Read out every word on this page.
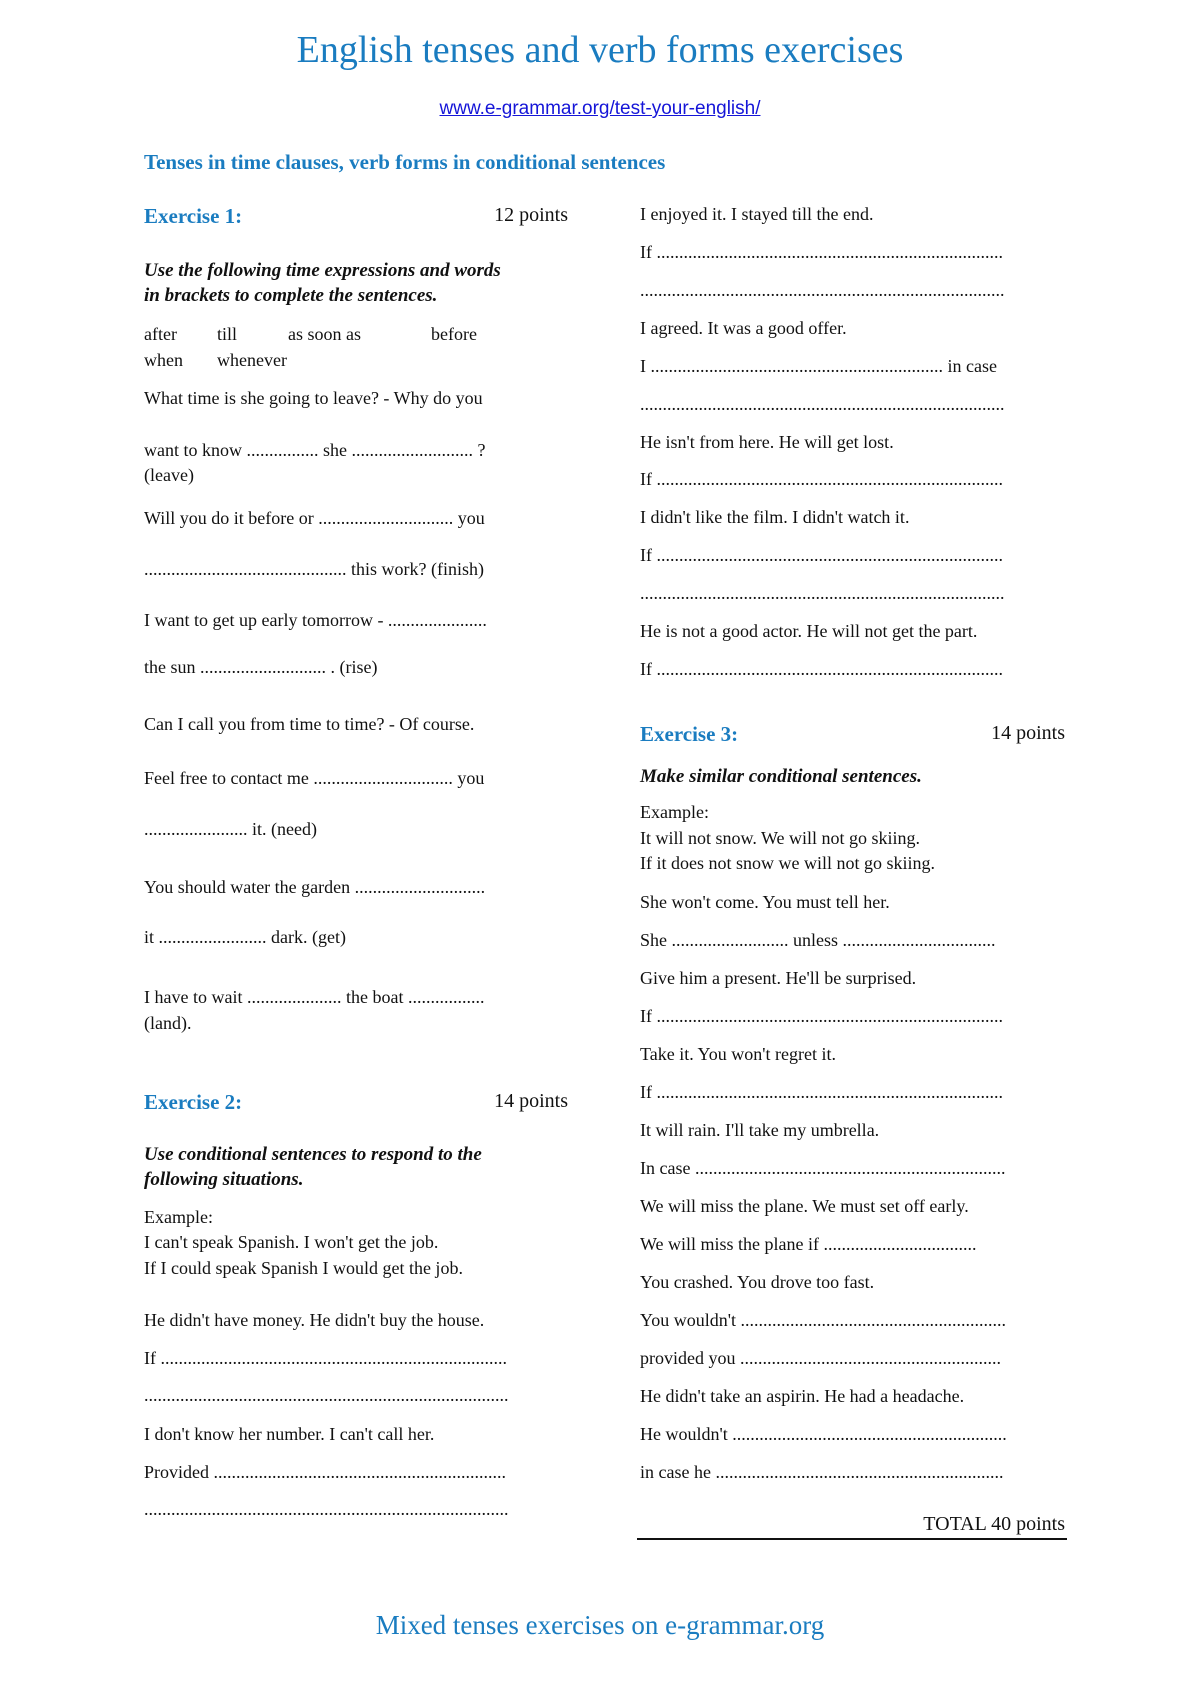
English tenses and verb forms exercises
www.e-grammar.org/test-your-english/
Tenses in time clauses, verb forms in conditional sentences
Exercise 1:	12 points
Use the following time expressions and words
in brackets to complete the sentences.
after till	as soon as	before
when whenever
What time is she going to leave? - Why do you
want to know ................ she ........................... ?
(leave)
Will you do it before or .............................. you
............................................. this work? (finish)
I want to get up early tomorrow - ......................
the sun ............................ . (rise)
Can I call you from time to time? - Of course.
Feel free to contact me ............................... you
....................... it. (need)
You should water the garden .............................
it ........................ dark. (get)
I have to wait ..................... the boat .................
(land).
Exercise 2:	14 points
Use conditional sentences to respond to the
following situations.
Example:
I can't speak Spanish. I won't get the job.
If I could speak Spanish I would get the job.
He didn't have money. He didn't buy the house.
If .............................................................................
.................................................................................
I don't know her number. I can't call her.
Provided .................................................................
.................................................................................
I enjoyed it. I stayed till the end.
If .............................................................................
.................................................................................
I agreed. It was a good offer.
I ................................................................. in case
.................................................................................
He isn't from here. He will get lost.
If .............................................................................
I didn't like the film. I didn't watch it.
If .............................................................................
.................................................................................
He is not a good actor. He will not get the part.
If .............................................................................
Exercise 3:	14 points
Make similar conditional sentences.
Example:
It will not snow. We will not go skiing.
If it does not snow we will not go skiing.
She won't come. You must tell her.
She .......................... unless ..................................
Give him a present. He'll be surprised.
If .............................................................................
Take it. You won't regret it.
If .............................................................................
It will rain. I'll take my umbrella.
In case .....................................................................
We will miss the plane. We must set off early.
We will miss the plane if ..................................
You crashed. You drove too fast.
You wouldn't ...........................................................
provided you ..........................................................
He didn't take an aspirin. He had a headache.
He wouldn't .............................................................
in case he ................................................................
TOTAL 40 points
Mixed tenses exercises on e-grammar.org
